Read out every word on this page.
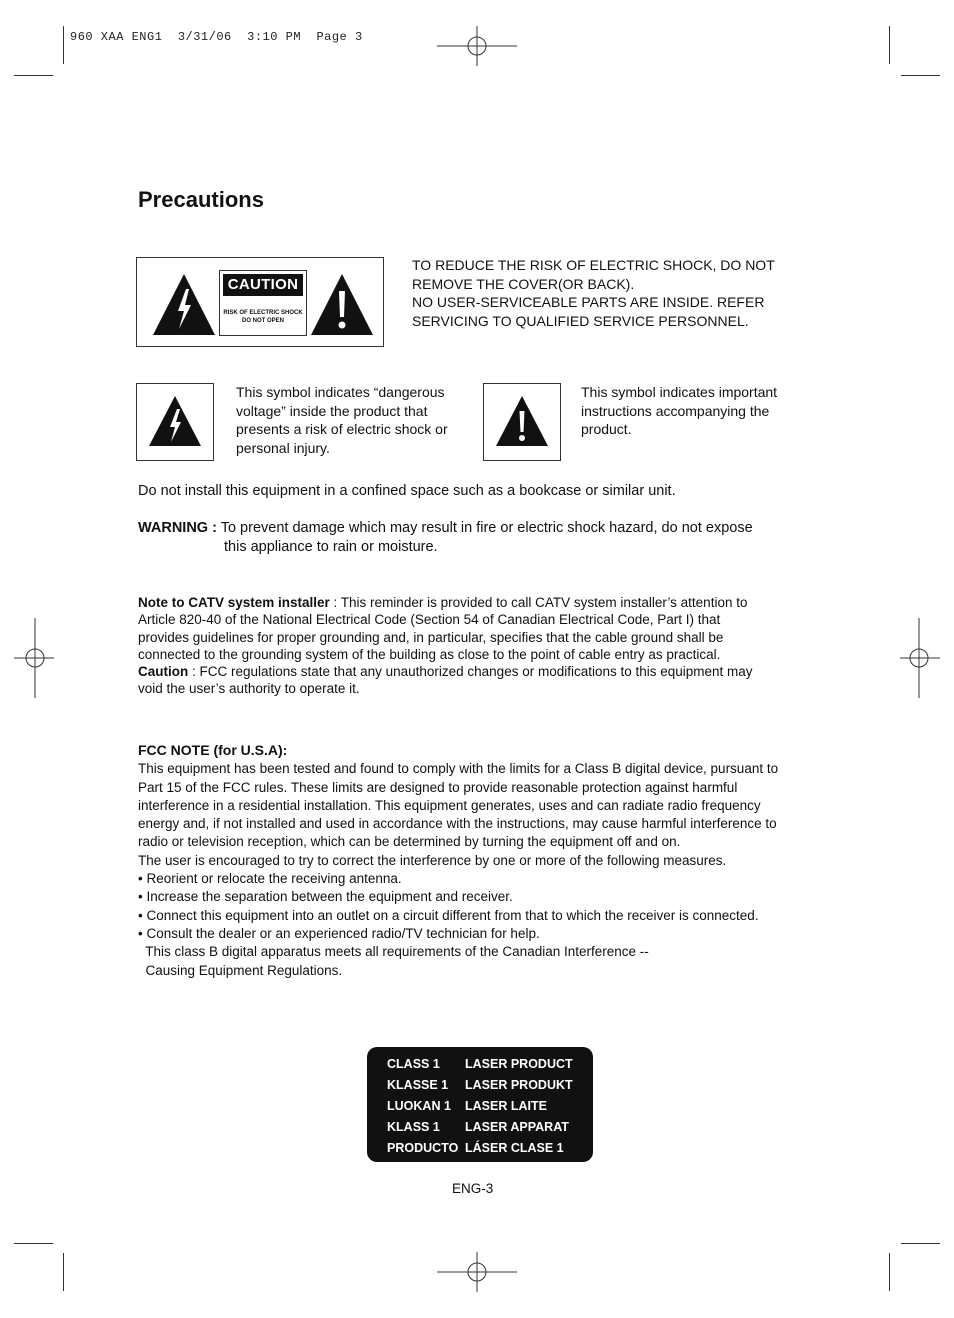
960 XAA ENG1  3/31/06  3:10 PM  Page 3
Precautions
CAUTION
RISK OF ELECTRIC SHOCK
DO NOT OPEN

TO REDUCE THE RISK OF ELECTRIC SHOCK, DO NOT

REMOVE THE COVER(OR BACK).

NO USER-SERVICEABLE PARTS ARE INSIDE. REFER

SERVICING TO QUALIFIED SERVICE PERSONNEL.

This symbol indicates “dangerous
voltage” inside the product that
presents a risk of electric shock or
personal injury.
This symbol indicates important
instructions accompanying the
product.
Do not install this equipment in a confined space such as a bookcase or similar unit.
WARNING : To prevent damage which may result in fire or electric shock hazard, do not expose
this appliance to rain or moisture.

Note to CATV system installer : This reminder is provided to call CATV system installer’s attention to

Article 820-40 of the National Electrical Code (Section 54 of Canadian Electrical Code, Part I) that

provides guidelines for proper grounding and, in particular, specifies that the cable ground shall be

connected to the grounding system of the building as close to the point of cable entry as practical.

Caution : FCC regulations state that any unauthorized changes or modifications to this equipment may

void the user’s authority to operate it.

FCC NOTE (for U.S.A):

This equipment has been tested and found to comply with the limits for a Class B digital device, pursuant to

Part 15 of the FCC rules. These limits are designed to provide reasonable protection against harmful

interference in a residential installation. This equipment generates, uses and can radiate radio frequency

energy and, if not installed and used in accordance with the instructions, may cause harmful interference to

radio or television reception, which can be determined by turning the equipment off and on.

The user is encouraged to try to correct the interference by one or more of the following measures.

• Reorient or relocate the receiving antenna.

• Increase the separation between the equipment and receiver.

• Connect this equipment into an outlet on a circuit different from that to which the receiver is connected.

• Consult the dealer or an experienced radio/TV technician for help.

This class B digital apparatus meets all requirements of the Canadian Interference --

Causing Equipment Regulations.

CLASS 1	LASER PRODUCT
KLASSE 1	LASER PRODUKT
LUOKAN 1	LASER LAITE
KLASS 1	LASER APPARAT
PRODUCTO	LÁSER CLASE 1
ENG-3
